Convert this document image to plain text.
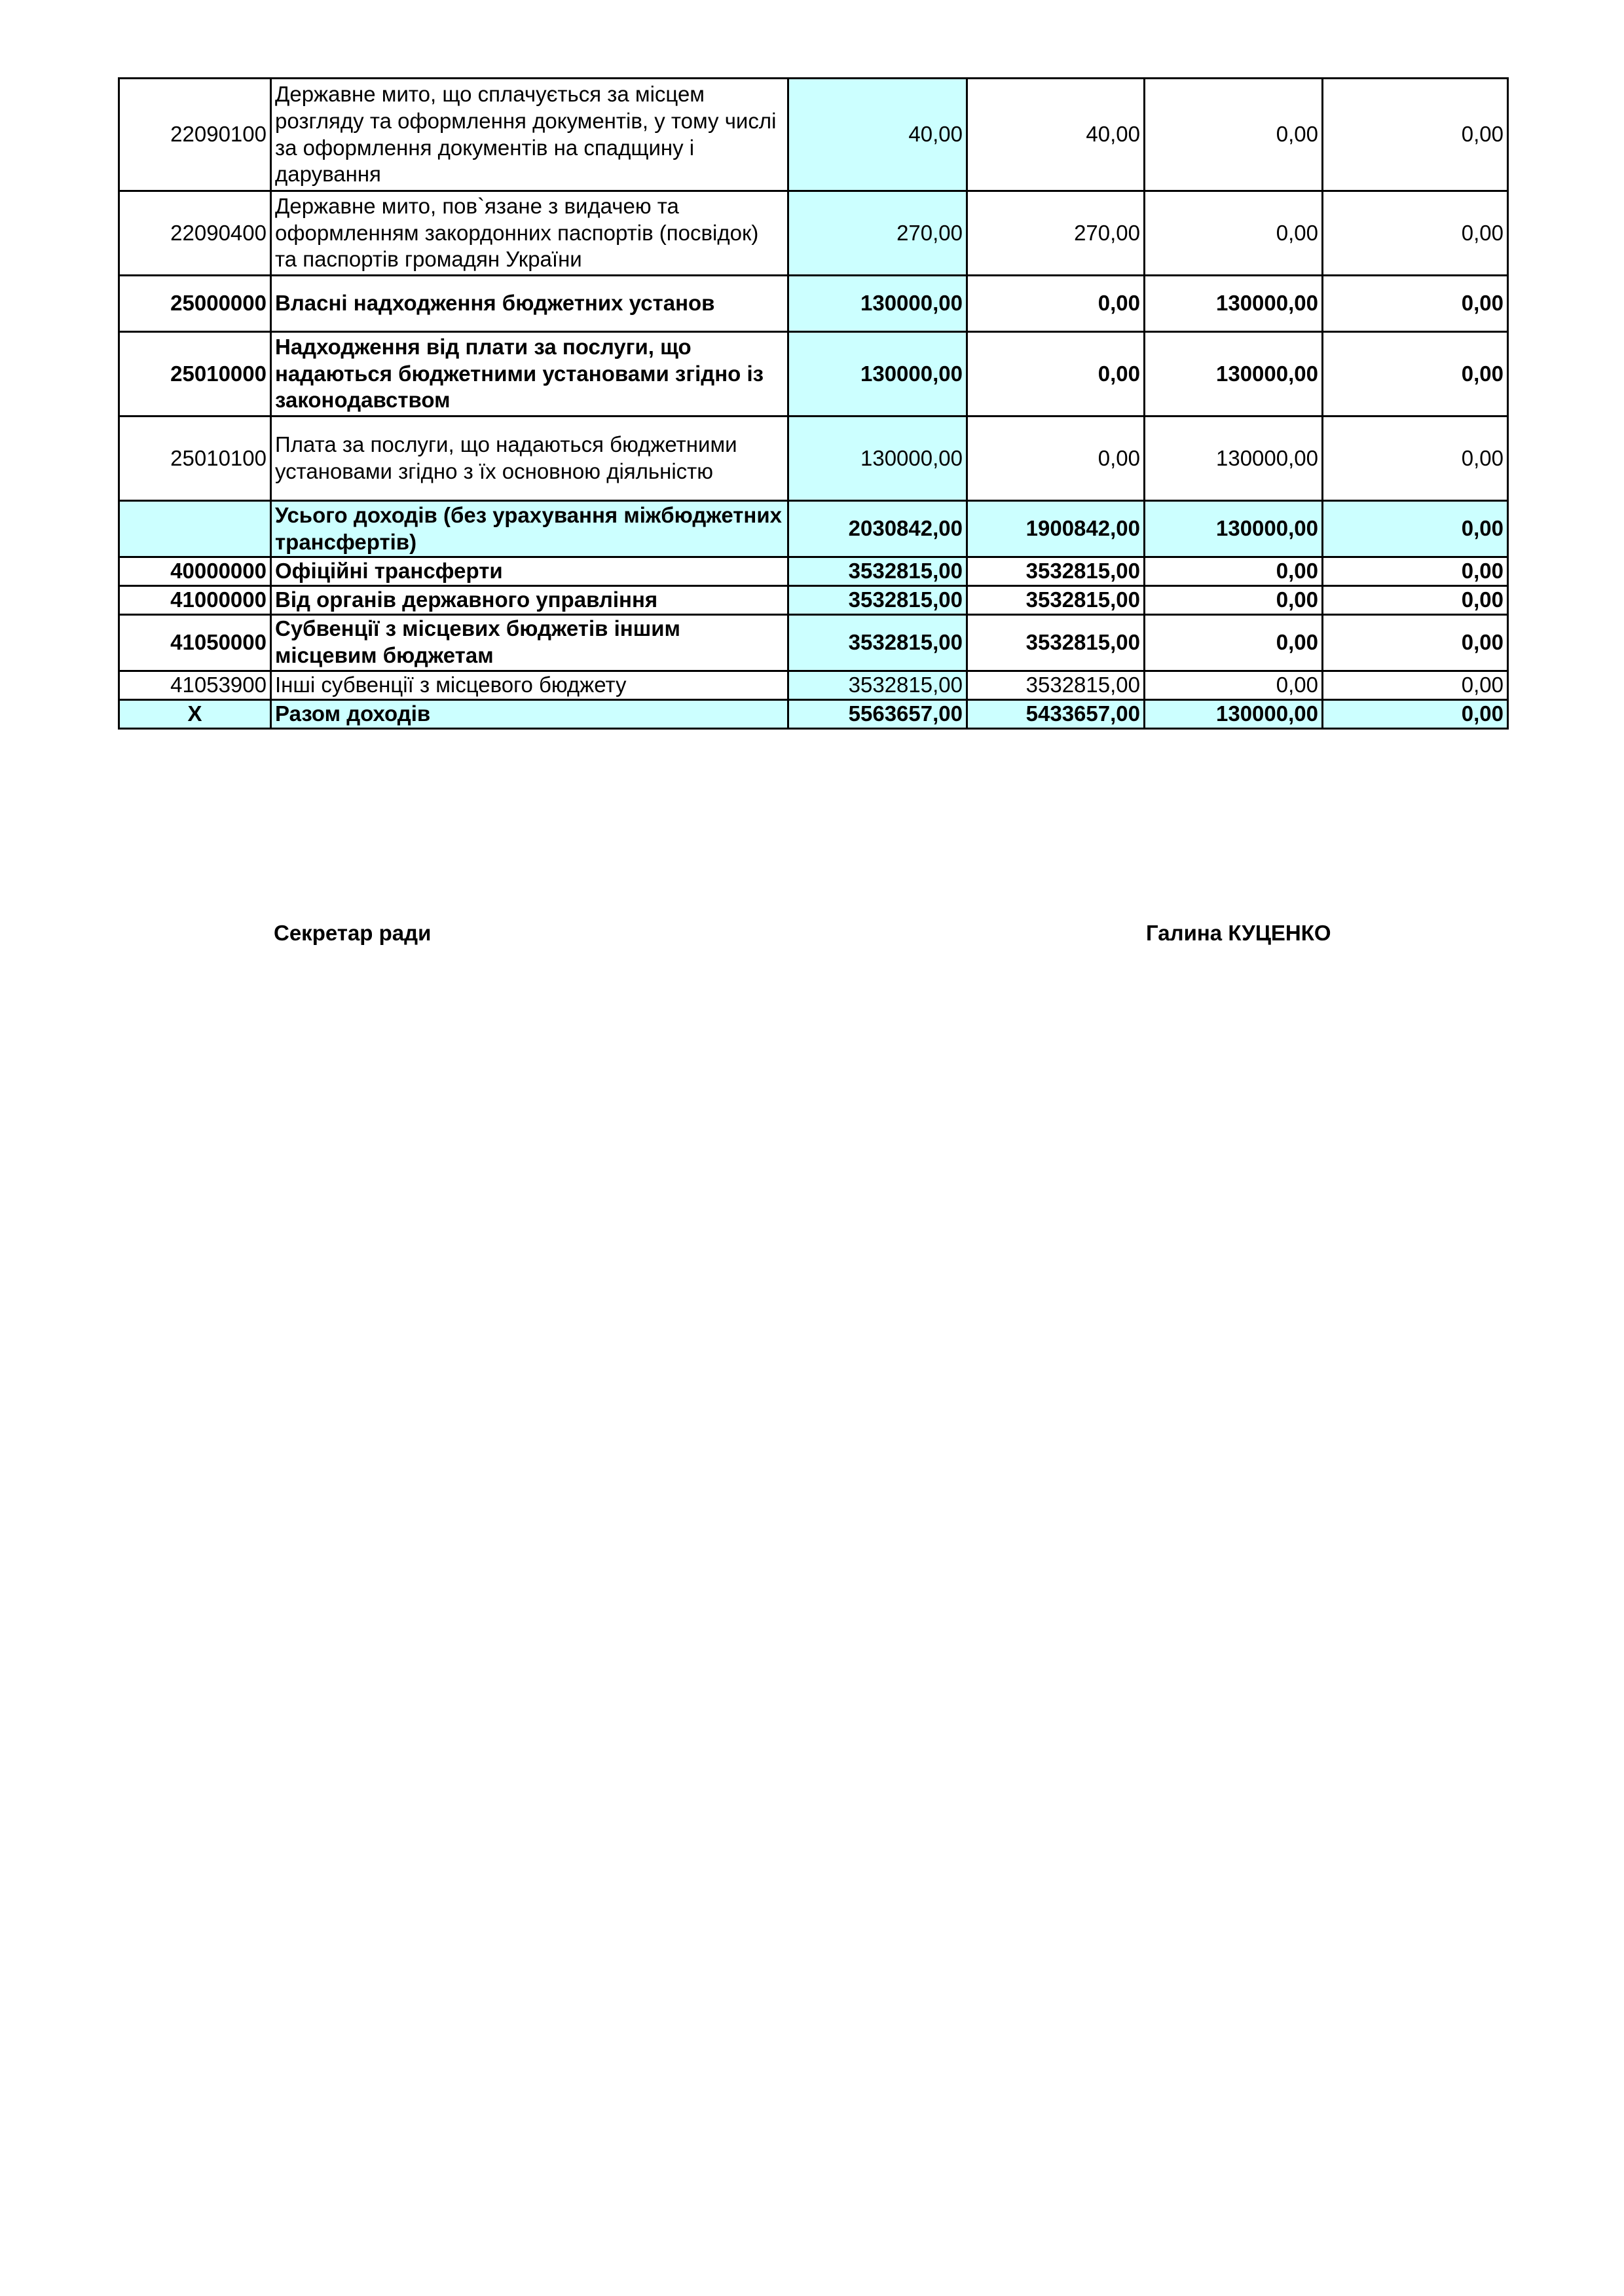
22090100	Державне мито, що сплачується за місцем розгляду та оформлення документів, у тому числі за оформлення документів на спадщину і дарування	40,00	40,00	0,00	0,00
22090400	Державне мито, пов`язане з видачею та оформленням закордонних паспортів (посвідок) та паспортів громадян України	270,00	270,00	0,00	0,00
25000000	Власні надходження бюджетних установ	130000,00	0,00	130000,00	0,00
25010000	Надходження від плати за послуги, що надаються бюджетними установами згідно із законодавством	130000,00	0,00	130000,00	0,00
25010100	Плата за послуги, що надаються бюджетними установами згідно з їх основною діяльністю	130000,00	0,00	130000,00	0,00
	Усього доходів (без урахування міжбюджетних трансфертів)	2030842,00	1900842,00	130000,00	0,00
40000000	Офіційні трансферти	3532815,00	3532815,00	0,00	0,00
41000000	Від органів державного управління	3532815,00	3532815,00	0,00	0,00
41050000	Субвенції з місцевих бюджетів іншим місцевим бюджетам	3532815,00	3532815,00	0,00	0,00
41053900	Інші субвенції з місцевого бюджету	3532815,00	3532815,00	0,00	0,00
X	Разом доходів	5563657,00	5433657,00	130000,00	0,00
Секретар ради	Галина КУЦЕНКО
